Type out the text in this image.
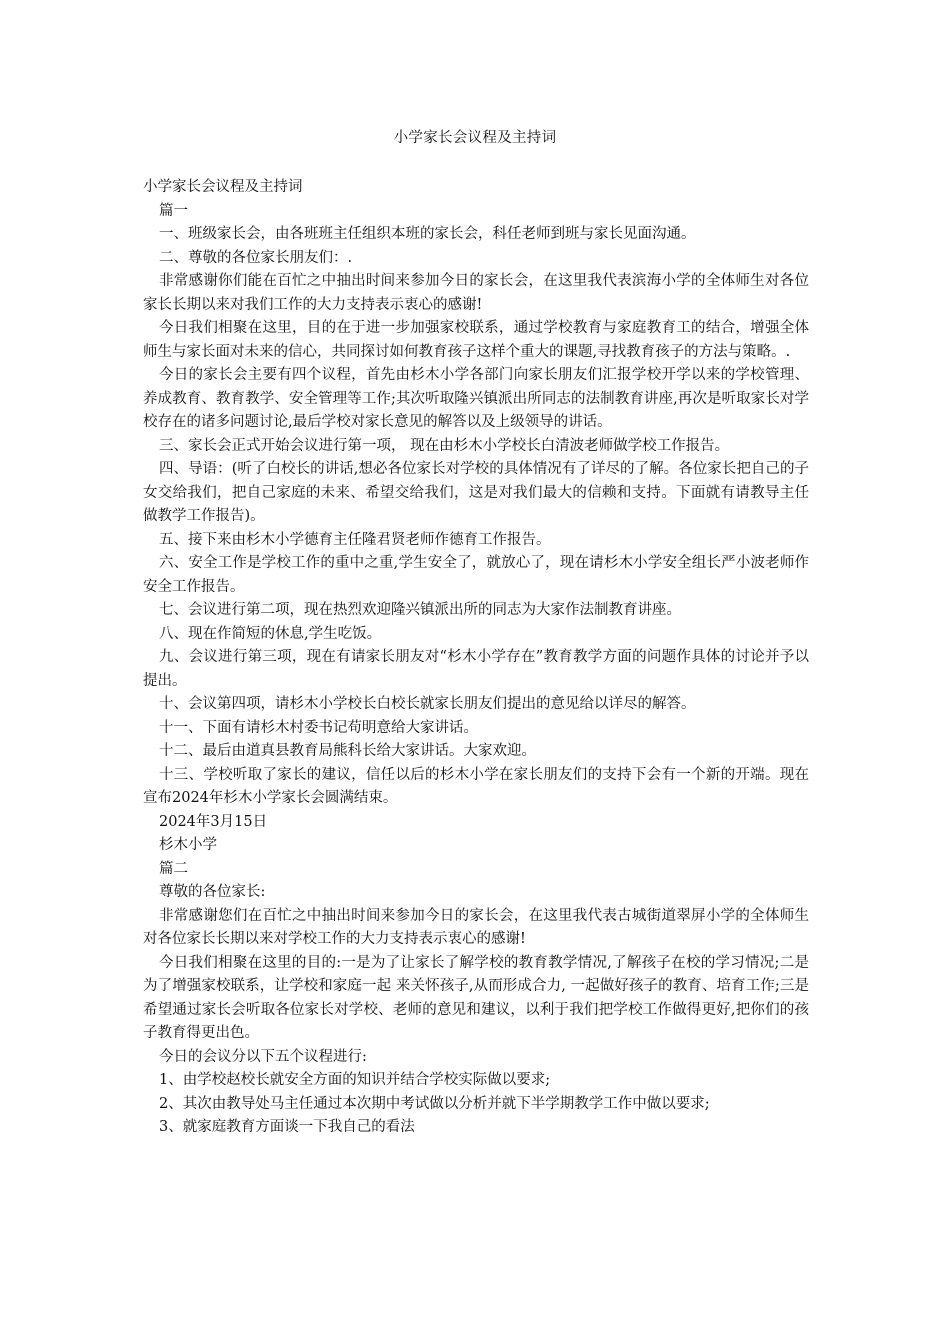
小学家长会议程及主持词

小学家长会议程及主持词

篇一

一、班级家长会，由各班班主任组织本班的家长会，科任老师到班与家长见面沟通。

二、尊敬的各位家长朋友们：.

非常感谢你们能在百忙之中抽出时间来参加今日的家长会，在这里我代表滨海小学的全体师生对各位家长长期以来对我们工作的大力支持表示衷心的感谢!

今日我们相聚在这里，目的在于进一步加强家校联系，通过学校教育与家庭教育工的结合，增强全体师生与家长面对未来的信心，共同探讨如何教育孩子这样个重大的课题,寻找教育孩子的方法与策略。.

今日的家长会主要有四个议程，首先由杉木小学各部门向家长朋友们汇报学校开学以来的学校管理、养成教育、教育教学、安全管理等工作;其次听取隆兴镇派出所同志的法制教育讲座,再次是听取家长对学校存在的诸多问题讨论,最后学校对家长意见的解答以及上级领导的讲话。

三、家长会正式开始会议进行第一项， 现在由杉木小学校长白清波老师做学校工作报告。

四、导语：(听了白校长的讲话,想必各位家长对学校的具体情况有了详尽的了解。各位家长把自己的子女交给我们，把自己家庭的未来、希望交给我们，这是对我们最大的信赖和支持。下面就有请教导主任做教学工作报告)。

五、接下来由杉木小学德育主任隆君贤老师作德育工作报告。

六、安全工作是学校工作的重中之重,学生安全了，就放心了，现在请杉木小学安全组长严小波老师作安全工作报告。

七、会议进行第二项，现在热烈欢迎隆兴镇派出所的同志为大家作法制教育讲座。

八、现在作简短的休息,学生吃饭。

九、会议进行第三项，现在有请家长朋友对“杉木小学存在”教育教学方面的问题作具体的讨论并予以提出。

十、会议第四项，请杉木小学校长白校长就家长朋友们提出的意见给以详尽的解答。

十一、下面有请杉木村委书记苟明意给大家讲话。

十二、最后由道真县教育局熊科长给大家讲话。大家欢迎。

十三、学校听取了家长的建议，信任以后的杉木小学在家长朋友们的支持下会有一个新的开端。现在宣布2024年杉木小学家长会圆满结束。

2024年3月15日

杉木小学

篇二

尊敬的各位家长:

非常感谢您们在百忙之中抽出时间来参加今日的家长会，在这里我代表古城街道翠屏小学的全体师生对各位家长长期以来对学校工作的大力支持表示衷心的感谢!

今日我们相聚在这里的目的:一是为了让家长了解学校的教育教学情况,了解孩子在校的学习情况;二是为了增强家校联系，让学校和家庭一起 来关怀孩子,从而形成合力, 一起做好孩子的教育、培育工作;三是希望通过家长会听取各位家长对学校、老师的意见和建议，以利于我们把学校工作做得更好,把你们的孩子教育得更出色。

今日的会议分以下五个议程进行:

1、由学校赵校长就安全方面的知识并结合学校实际做以要求;

2、其次由教导处马主任通过本次期中考试做以分析并就下半学期教学工作中做以要求;

3、就家庭教育方面谈一下我自己的看法
